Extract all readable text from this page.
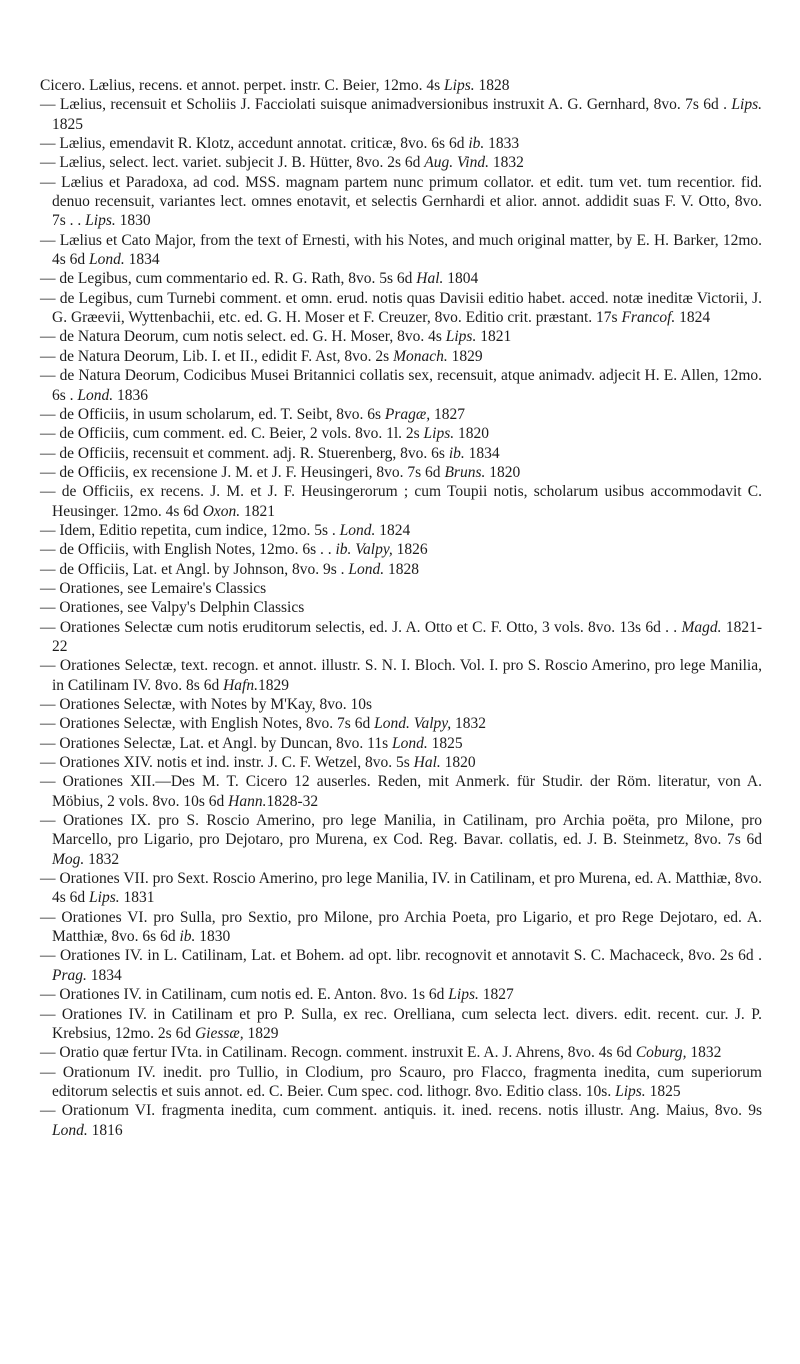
Cicero. Lælius, recens. et annot. perpet. instr. C. Beier, 12mo. 4s Lips. 1828

— Lælius, recensuit et Scholiis J. Facciolati suisque animadversionibus instruxit A. G. Gernhard, 8vo. 7s 6d . Lips. 1825

— Lælius, emendavit R. Klotz, accedunt annotat. criticæ, 8vo. 6s 6d ib. 1833

— Lælius, select. lect. variet. subjecit J. B. Hütter, 8vo. 2s 6d Aug. Vind. 1832

— Lælius et Paradoxa, ad cod. MSS. magnam partem nunc primum collator. et edit. tum vet. tum recentior. fid. denuo recensuit, variantes lect. omnes enotavit, et selectis Gernhardi et alior. annot. addidit suas F. V. Otto, 8vo. 7s . . Lips. 1830

— Lælius et Cato Major, from the text of Ernesti, with his Notes, and much original matter, by E. H. Barker, 12mo. 4s 6d Lond. 1834

— de Legibus, cum commentario ed. R. G. Rath, 8vo. 5s 6d Hal. 1804

— de Legibus, cum Turnebi comment. et omn. erud. notis quas Davisii editio habet. acced. notæ ineditæ Victorii, J. G. Græevii, Wyttenbachii, etc. ed. G. H. Moser et F. Creuzer, 8vo. Editio crit. præstant. 17s Francof. 1824

— de Natura Deorum, cum notis select. ed. G. H. Moser, 8vo. 4s Lips. 1821

— de Natura Deorum, Lib. I. et II., edidit F. Ast, 8vo. 2s Monach. 1829

— de Natura Deorum, Codicibus Musei Britannici collatis sex, recensuit, atque animadv. adjecit H. E. Allen, 12mo. 6s . Lond. 1836

— de Officiis, in usum scholarum, ed. T. Seibt, 8vo. 6s Pragæ, 1827

— de Officiis, cum comment. ed. C. Beier, 2 vols. 8vo. 1l. 2s Lips. 1820

— de Officiis, recensuit et comment. adj. R. Stuerenberg, 8vo. 6s ib. 1834

— de Officiis, ex recensione J. M. et J. F. Heusingeri, 8vo. 7s 6d Bruns. 1820

— de Officiis, ex recens. J. M. et J. F. Heusingerorum ; cum Toupii notis, scholarum usibus accommodavit C. Heusinger. 12mo. 4s 6d Oxon. 1821

— Idem, Editio repetita, cum indice, 12mo. 5s . Lond. 1824

— de Officiis, with English Notes, 12mo. 6s . . ib. Valpy, 1826

— de Officiis, Lat. et Angl. by Johnson, 8vo. 9s . Lond. 1828

— Orationes, see Lemaire's Classics

— Orationes, see Valpy's Delphin Classics

— Orationes Selectæ cum notis eruditorum selectis, ed. J. A. Otto et C. F. Otto, 3 vols. 8vo. 13s 6d . . Magd. 1821-22

— Orationes Selectæ, text. recogn. et annot. illustr. S. N. I. Bloch. Vol. I. pro S. Roscio Amerino, pro lege Manilia, in Catilinam IV. 8vo. 8s 6d Hafn.1829

— Orationes Selectæ, with Notes by M'Kay, 8vo. 10s

— Orationes Selectæ, with English Notes, 8vo. 7s 6d Lond. Valpy, 1832

— Orationes Selectæ, Lat. et Angl. by Duncan, 8vo. 11s Lond. 1825

— Orationes XIV. notis et ind. instr. J. C. F. Wetzel, 8vo. 5s Hal. 1820

— Orationes XII.—Des M. T. Cicero 12 auserles. Reden, mit Anmerk. für Studir. der Röm. literatur, von A. Möbius, 2 vols. 8vo. 10s 6d Hann.1828-32

— Orationes IX. pro S. Roscio Amerino, pro lege Manilia, in Catilinam, pro Archia poëta, pro Milone, pro Marcello, pro Ligario, pro Dejotaro, pro Murena, ex Cod. Reg. Bavar. collatis, ed. J. B. Steinmetz, 8vo. 7s 6d Mog. 1832

— Orationes VII. pro Sext. Roscio Amerino, pro lege Manilia, IV. in Catilinam, et pro Murena, ed. A. Matthiæ, 8vo. 4s 6d Lips. 1831

— Orationes VI. pro Sulla, pro Sextio, pro Milone, pro Archia Poeta, pro Ligario, et pro Rege Dejotaro, ed. A. Matthiæ, 8vo. 6s 6d ib. 1830

— Orationes IV. in L. Catilinam, Lat. et Bohem. ad opt. libr. recognovit et annotavit S. C. Machaceck, 8vo. 2s 6d . Prag. 1834

— Orationes IV. in Catilinam, cum notis ed. E. Anton. 8vo. 1s 6d Lips. 1827

— Orationes IV. in Catilinam et pro P. Sulla, ex rec. Orelliana, cum selecta lect. divers. edit. recent. cur. J. P. Krebsius, 12mo. 2s 6d Giessæ, 1829

— Oratio quæ fertur IVta. in Catilinam. Recogn. comment. instruxit E. A. J. Ahrens, 8vo. 4s 6d Coburg, 1832

— Orationum IV. inedit. pro Tullio, in Clodium, pro Scauro, pro Flacco, fragmenta inedita, cum superiorum editorum selectis et suis annot. ed. C. Beier. Cum spec. cod. lithogr. 8vo. Editio class. 10s. Lips. 1825

— Orationum VI. fragmenta inedita, cum comment. antiquis. it. ined. recens. notis illustr. Ang. Maius, 8vo. 9s Lond. 1816
